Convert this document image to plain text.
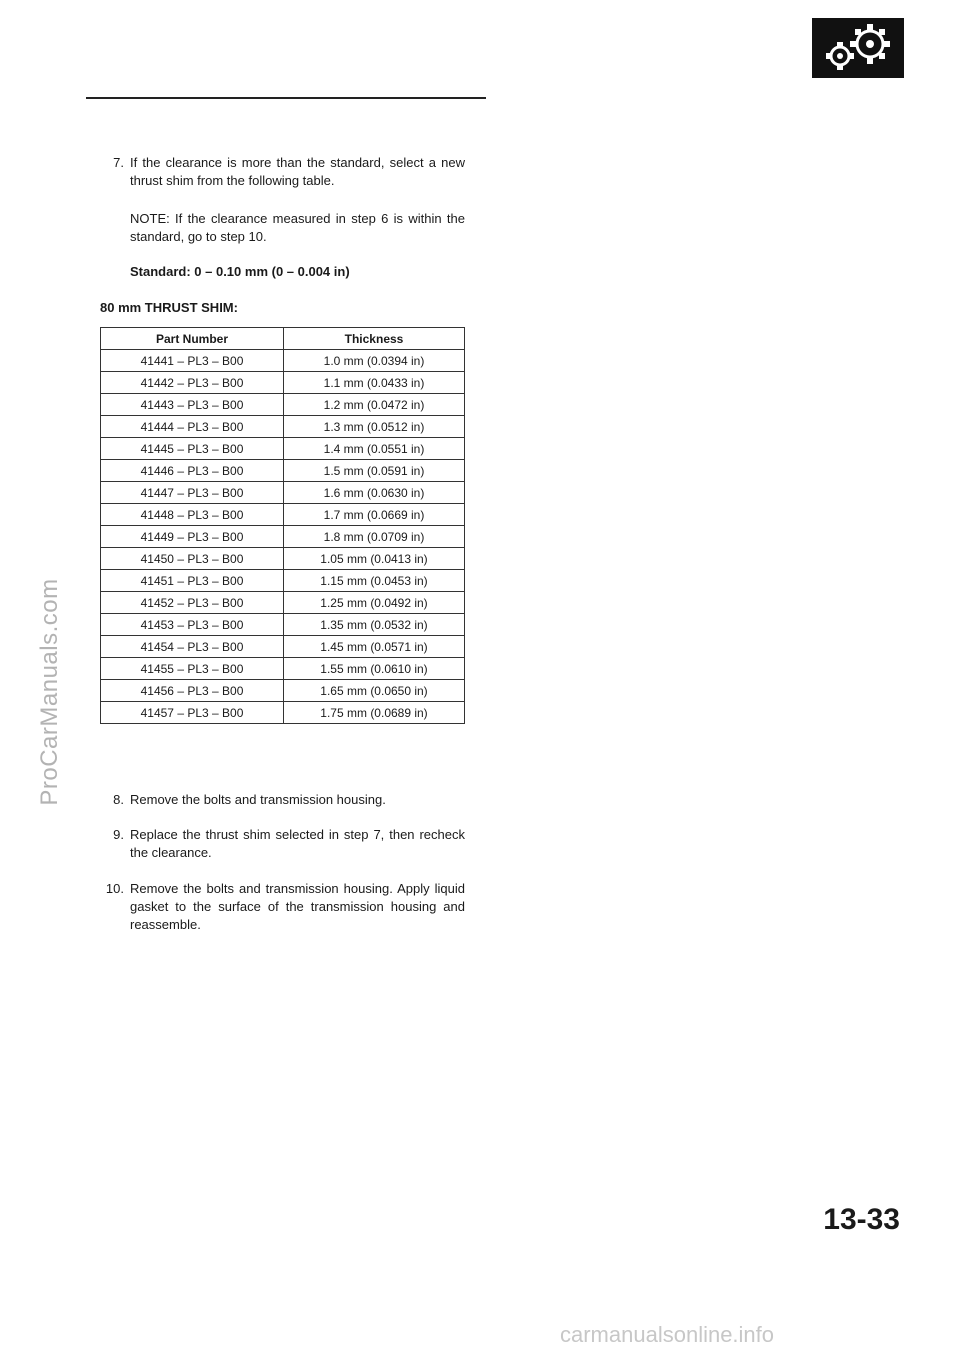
7. If the clearance is more than the standard, select a new thrust shim from the following table.
NOTE: If the clearance measured in step 6 is within the standard, go to step 10.
Standard: 0 – 0.10 mm (0 – 0.004 in)
80 mm THRUST SHIM:
Part Number	Thickness
41441 – PL3 – B00	1.0 mm (0.0394 in)
41442 – PL3 – B00	1.1 mm (0.0433 in)
41443 – PL3 – B00	1.2 mm (0.0472 in)
41444 – PL3 – B00	1.3 mm (0.0512 in)
41445 – PL3 – B00	1.4 mm (0.0551 in)
41446 – PL3 – B00	1.5 mm (0.0591 in)
41447 – PL3 – B00	1.6 mm (0.0630 in)
41448 – PL3 – B00	1.7 mm (0.0669 in)
41449 – PL3 – B00	1.8 mm (0.0709 in)
41450 – PL3 – B00	1.05 mm (0.0413 in)
41451 – PL3 – B00	1.15 mm (0.0453 in)
41452 – PL3 – B00	1.25 mm (0.0492 in)
41453 – PL3 – B00	1.35 mm (0.0532 in)
41454 – PL3 – B00	1.45 mm (0.0571 in)
41455 – PL3 – B00	1.55 mm (0.0610 in)
41456 – PL3 – B00	1.65 mm (0.0650 in)
41457 – PL3 – B00	1.75 mm (0.0689 in)
8. Remove the bolts and transmission housing.
9. Replace the thrust shim selected in step 7, then recheck the clearance.
10. Remove the bolts and transmission housing. Apply liquid gasket to the surface of the transmission housing and reassemble.
ProCarManuals.com
13-33
carmanualsonline.info
